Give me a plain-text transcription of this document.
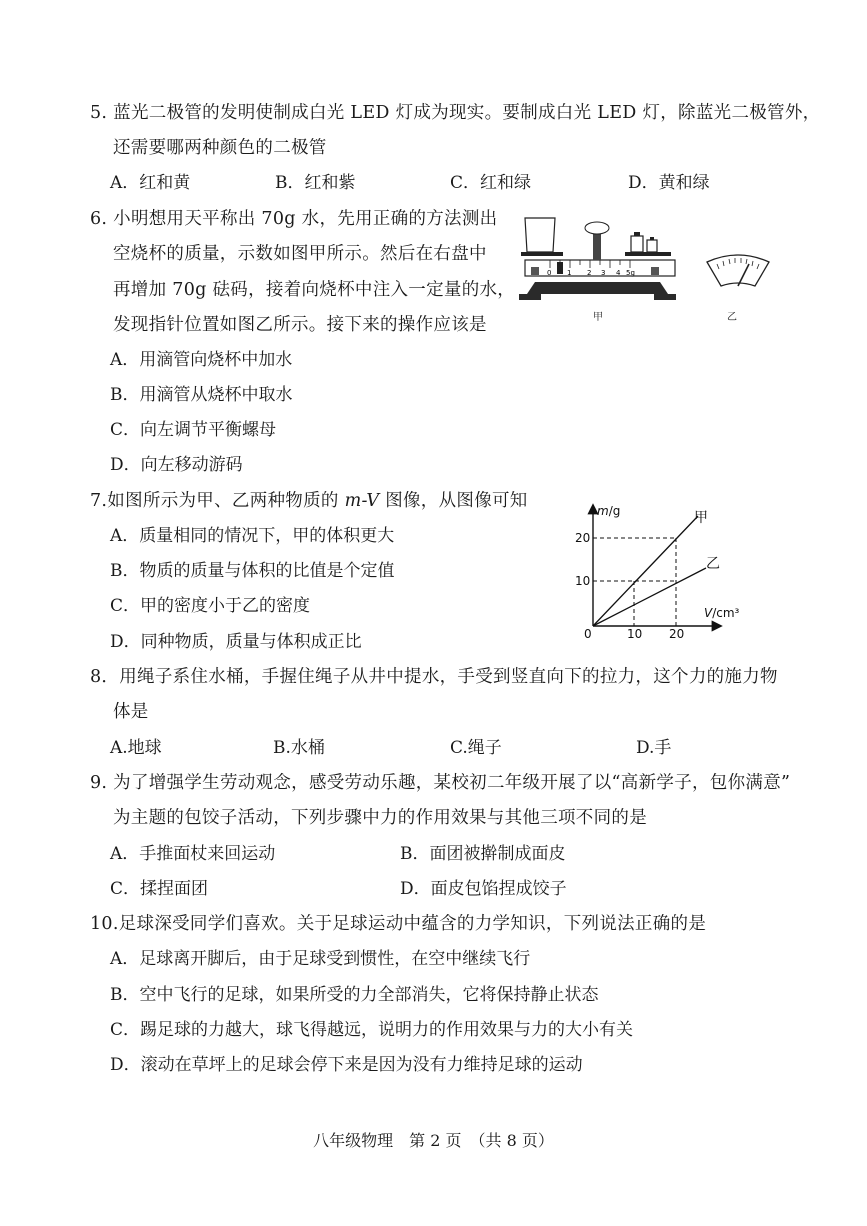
5. 蓝光二极管的发明使制成白光 LED 灯成为现实。要制成白光 LED 灯，除蓝光二极管外，
还需要哪两种颜色的二极管
A．红和黄	B．红和紫	C．红和绿	D．黄和绿
6. 小明想用天平称出 70g 水，先用正确的方法测出
空烧杯的质量，示数如图甲所示。然后在右盘中
再增加 70g 砝码，接着向烧杯中注入一定量的水，
发现指针位置如图乙所示。接下来的操作应该是
A．用滴管向烧杯中加水
B．用滴管从烧杯中取水
C．向左调节平衡螺母
D．向左移动游码
0 1 2 3 4 5g
甲	乙
7.如图所示为甲、乙两种物质的 m-V 图像，从图像可知
A．质量相同的情况下，甲的体积更大
B．物质的质量与体积的比值是个定值
C．甲的密度小于乙的密度
D．同种物质，质量与体积成正比
m/g
V/cm³
0	10 20
10
20
甲
乙
8．用绳子系住水桶，手握住绳子从井中提水，手受到竖直向下的拉力，这个力的施力物
体是
A.地球	B.水桶	C.绳子	D.手
9. 为了增强学生劳动观念，感受劳动乐趣，某校初二年级开展了以“高新学子，包你满意”
为主题的包饺子活动，下列步骤中力的作用效果与其他三项不同的是
A．手推面杖来回运动	B．面团被擀制成面皮
C．揉捏面团	D．面皮包馅捏成饺子
10.足球深受同学们喜欢。关于足球运动中蕴含的力学知识，下列说法正确的是
A．足球离开脚后，由于足球受到惯性，在空中继续飞行
B．空中飞行的足球，如果所受的力全部消失，它将保持静止状态
C．踢足球的力越大，球飞得越远，说明力的作用效果与力的大小有关
D．滚动在草坪上的足球会停下来是因为没有力维持足球的运动
八年级物理　第 2 页　（共 8 页）
